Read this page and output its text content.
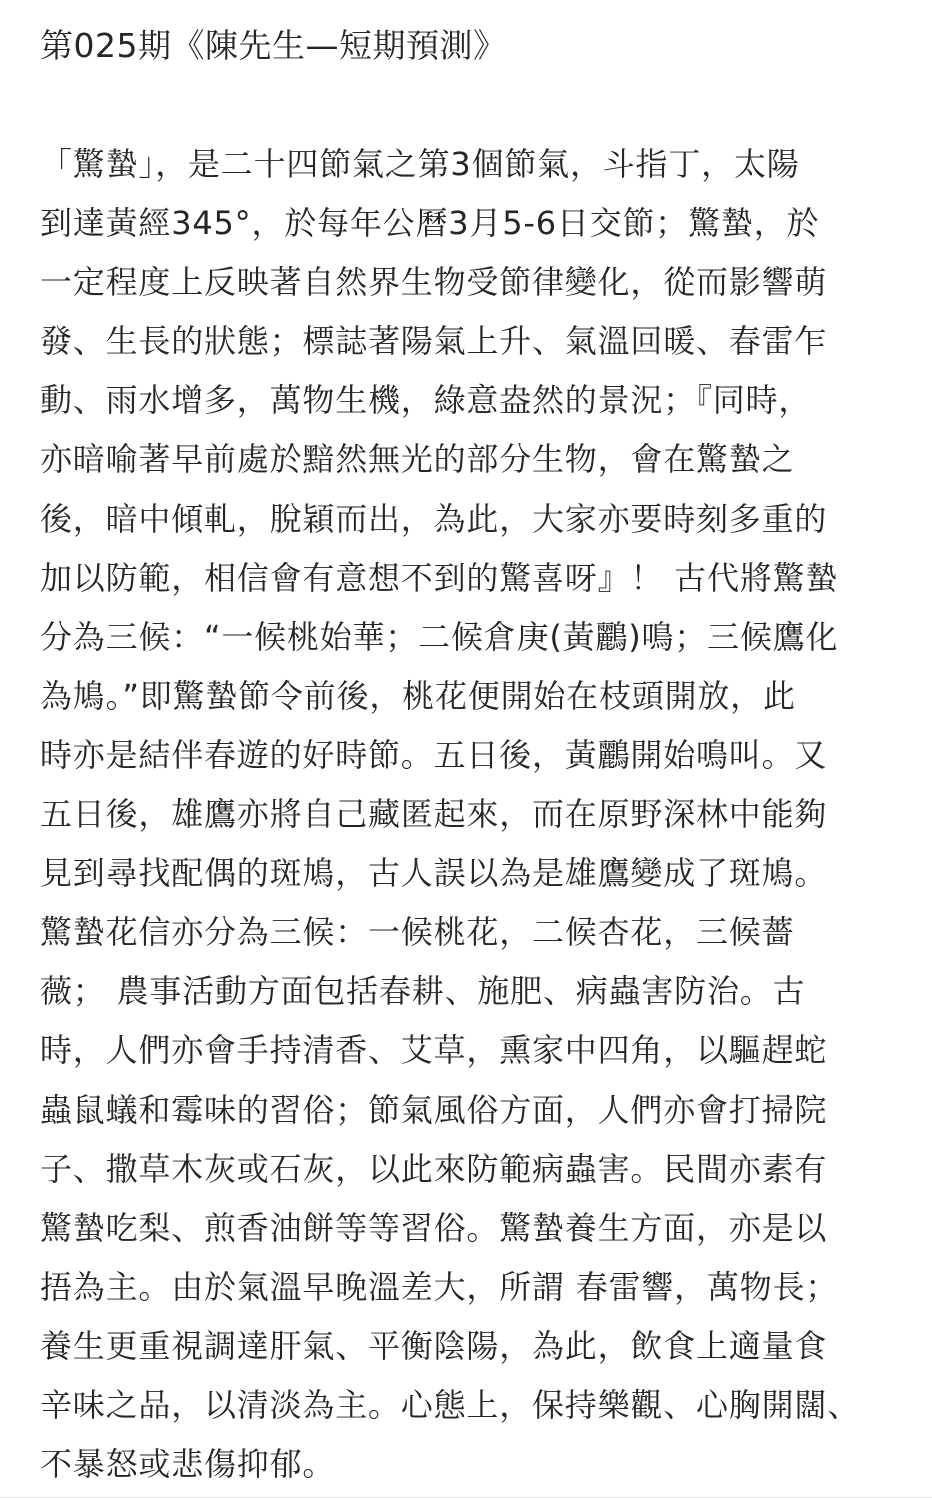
第025期《陳先生—短期預測》
「驚蟄」，是二十四節氣之第3個節氣，斗指丁，太陽
到達黃經345°，於每年公曆3月5-6日交節；驚蟄，於
一定程度上反映著自然界生物受節律變化，從而影響萌
發、生長的狀態；標誌著陽氣上升、氣溫回暖、春雷乍
動、雨水增多，萬物生機，綠意盎然的景況；『同時，
亦暗喻著早前處於黯然無光的部分生物，會在驚蟄之
後，暗中傾軋，脫穎而出，為此，大家亦要時刻多重的
加以防範，相信會有意想不到的驚喜呀』！ 古代將驚蟄
分為三候：“一候桃始華；二候倉庚(黃鸝)鳴；三候鷹化
為鳩。”即驚蟄節令前後，桃花便開始在枝頭開放，此
時亦是結伴春遊的好時節。五日後，黃鸝開始鳴叫。又
五日後，雄鷹亦將自己藏匿起來，而在原野深林中能夠
見到尋找配偶的斑鳩，古人誤以為是雄鷹變成了斑鳩。
驚蟄花信亦分為三候：一候桃花，二候杏花，三候薔
薇； 農事活動方面包括春耕、施肥、病蟲害防治。古
時，人們亦會手持清香、艾草，熏家中四角，以驅趕蛇
蟲鼠蟻和霉味的習俗；節氣風俗方面，人們亦會打掃院
子、撒草木灰或石灰，以此來防範病蟲害。民間亦素有
驚蟄吃梨、煎香油餅等等習俗。驚蟄養生方面，亦是以
捂為主。由於氣溫早晚溫差大，所謂 春雷響，萬物長；
養生更重視調達肝氣、平衡陰陽，為此，飲食上適量食
辛味之品，以清淡為主。心態上，保持樂觀、心胸開闊、
不暴怒或悲傷抑郁。
